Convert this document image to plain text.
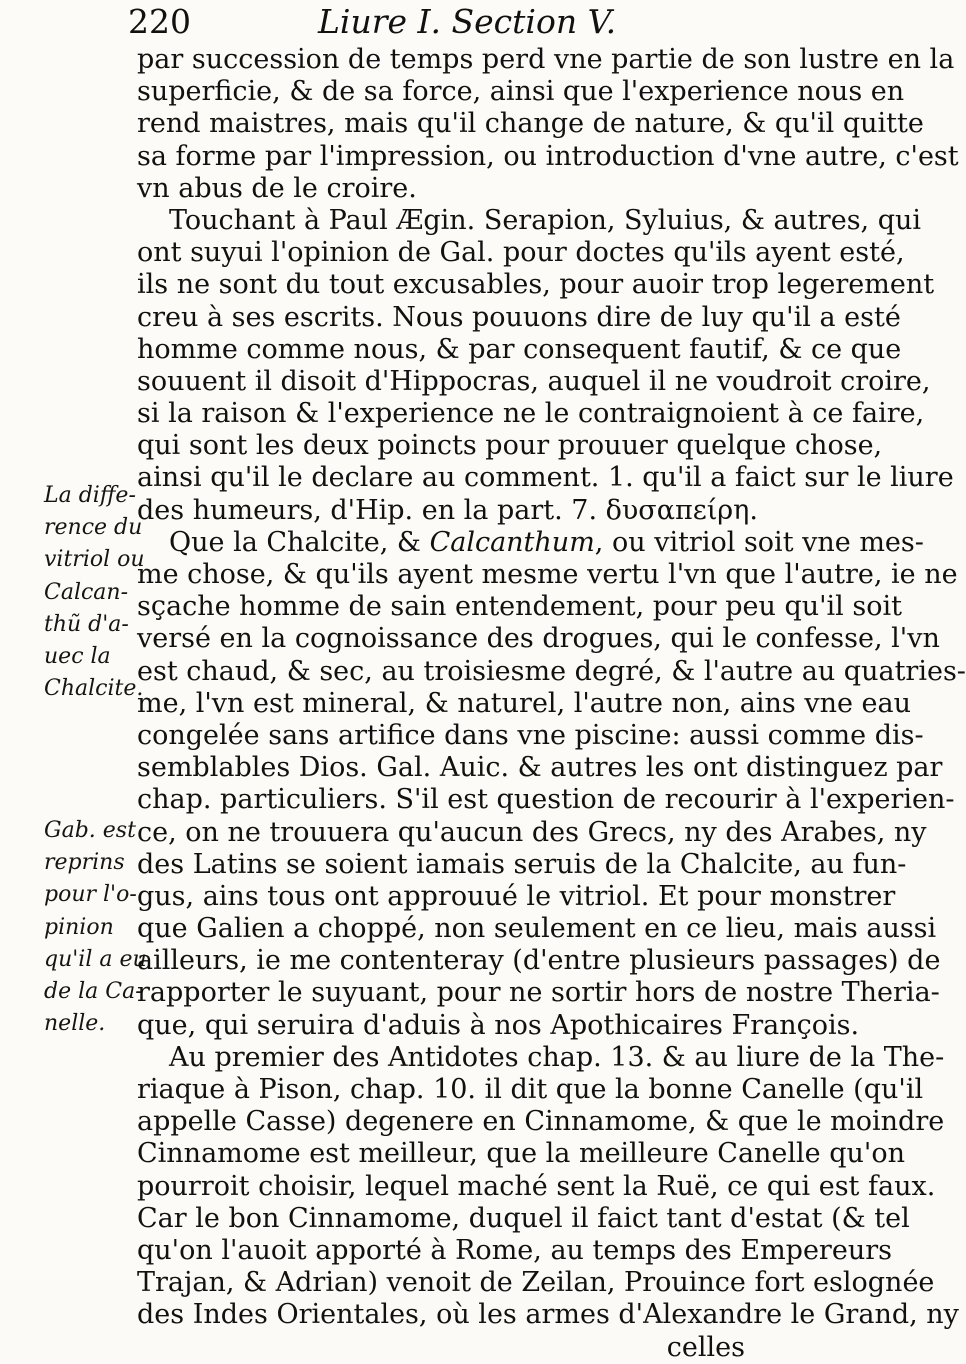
220	Liure I. Section V.
La diffe-
rence du
vitriol ou
Calcan-
thũ d'a-
uec la
Chalcite.
Gab. est
reprins
pour l'o-
pinion
qu'il a eu
de la Ca-
nelle.
par succession de temps perd vne partie de son lustre en la
superficie, & de sa force, ainsi que l'experience nous en
rend maistres, mais qu'il change de nature, & qu'il quitte
sa forme par l'impression, ou introduction d'vne autre, c'est
vn abus de le croire.
Touchant à Paul Ægin. Serapion, Syluius, & autres, qui
ont suyui l'opinion de Gal. pour doctes qu'ils ayent esté,
ils ne sont du tout excusables, pour auoir trop legerement
creu à ses escrits. Nous pouuons dire de luy qu'il a esté
homme comme nous, & par consequent fautif, & ce que
souuent il disoit d'Hippocras, auquel il ne voudroit croire,
si la raison & l'experience ne le contraignoient à ce faire,
qui sont les deux poincts pour prouuer quelque chose,
ainsi qu'il le declare au comment. 1. qu'il a faict sur le liure
des humeurs, d'Hip. en la part. 7. δυσαπείρη.
Que la Chalcite, & Calcanthum, ou vitriol soit vne mes-
me chose, & qu'ils ayent mesme vertu l'vn que l'autre, ie ne
sçache homme de sain entendement, pour peu qu'il soit
versé en la cognoissance des drogues, qui le confesse, l'vn
est chaud, & sec, au troisiesme degré, & l'autre au quatries-
me, l'vn est mineral, & naturel, l'autre non, ains vne eau
congelée sans artifice dans vne piscine: aussi comme dis-
semblables Dios. Gal. Auic. & autres les ont distinguez par
chap. particuliers. S'il est question de recourir à l'experien-
ce, on ne trouuera qu'aucun des Grecs, ny des Arabes, ny
des Latins se soient iamais seruis de la Chalcite, au fun-
gus, ains tous ont approuué le vitriol. Et pour monstrer
que Galien a choppé, non seulement en ce lieu, mais aussi
ailleurs, ie me contenteray (d'entre plusieurs passages) de
rapporter le suyuant, pour ne sortir hors de nostre Theria-
que, qui seruira d'aduis à nos Apothicaires François.
Au premier des Antidotes chap. 13. & au liure de la The-
riaque à Pison, chap. 10. il dit que la bonne Canelle (qu'il
appelle Casse) degenere en Cinnamome, & que le moindre
Cinnamome est meilleur, que la meilleure Canelle qu'on
pourroit choisir, lequel maché sent la Ruë, ce qui est faux.
Car le bon Cinnamome, duquel il faict tant d'estat (& tel
qu'on l'auoit apporté à Rome, au temps des Empereurs
Trajan, & Adrian) venoit de Zeilan, Prouince fort eslognée
des Indes Orientales, où les armes d'Alexandre le Grand, ny
celles
